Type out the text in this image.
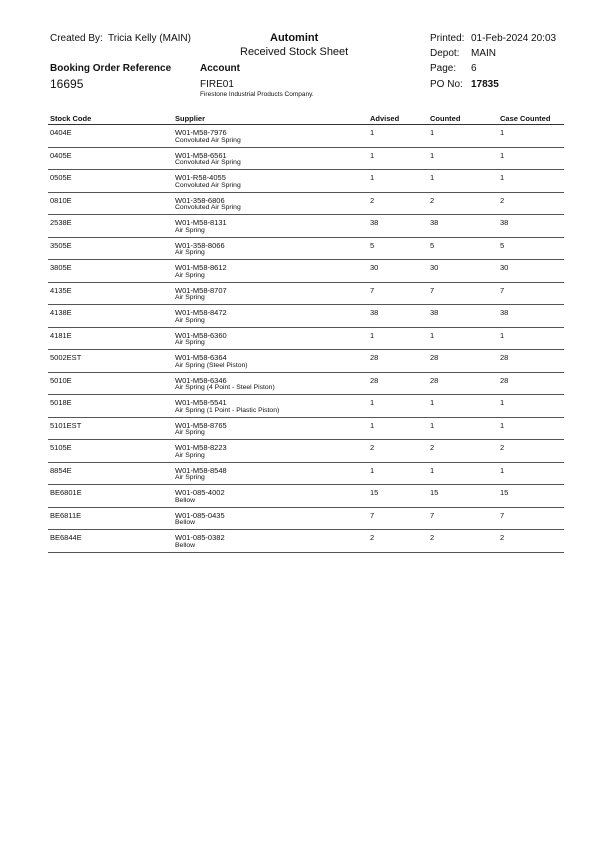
Created By: Tricia Kelly (MAIN)	Automint
Received Stock Sheet
Printed: 01-Feb-2024 20:03
Depot: MAIN
Page: 6
PO No: 17835
Booking Order Reference
16695
Account
FIRE01
Firestone Industrial Products Company.
Stock Code	Supplier	Advised	Counted	Case Counted
0404E	W01-M58-7976
Convoluted Air Spring
1	1	1
0405E	W01-M58-6561
Convoluted Air Spring
1	1	1
0505E	W01-R58-4055
Convoluted Air Spring
1	1	1
0810E	W01-358-6806
Convoluted Air Spring
2	2	2
2538E	W01-M58-8131
Air Spring
38	38	38
3505E	W01-358-8066
Air Spring
5	5	5
3805E	W01-M58-8612
Air Spring
30	30	30
4135E	W01-M58-8707
Air Spring
7	7	7
4138E	W01-M58-8472
Air Spring
38	38	38
4181E	W01-M58-6360
Air Spring
1	1	1
5002EST	W01-M58-6364
Air Spring (Steel Piston)
28	28	28
5010E	W01-M58-6346
Air Spring (4 Point - Steel Piston)
28	28	28
5018E	W01-M58-5541
Air Spring (1 Point - Plastic Piston)
1	1	1
5101EST	W01-M58-8765
Air Spring
1	1	1
5105E	W01-M58-8223
Air Spring
2	2	2
8854E	W01-M58-8548
Air Spring
1	1	1
BE6801E	W01-085-4002
Bellow
15	15	15
BE6811E	W01-085-0435
Bellow
7	7	7
BE6844E	W01-085-0382
Bellow
2	2	2
